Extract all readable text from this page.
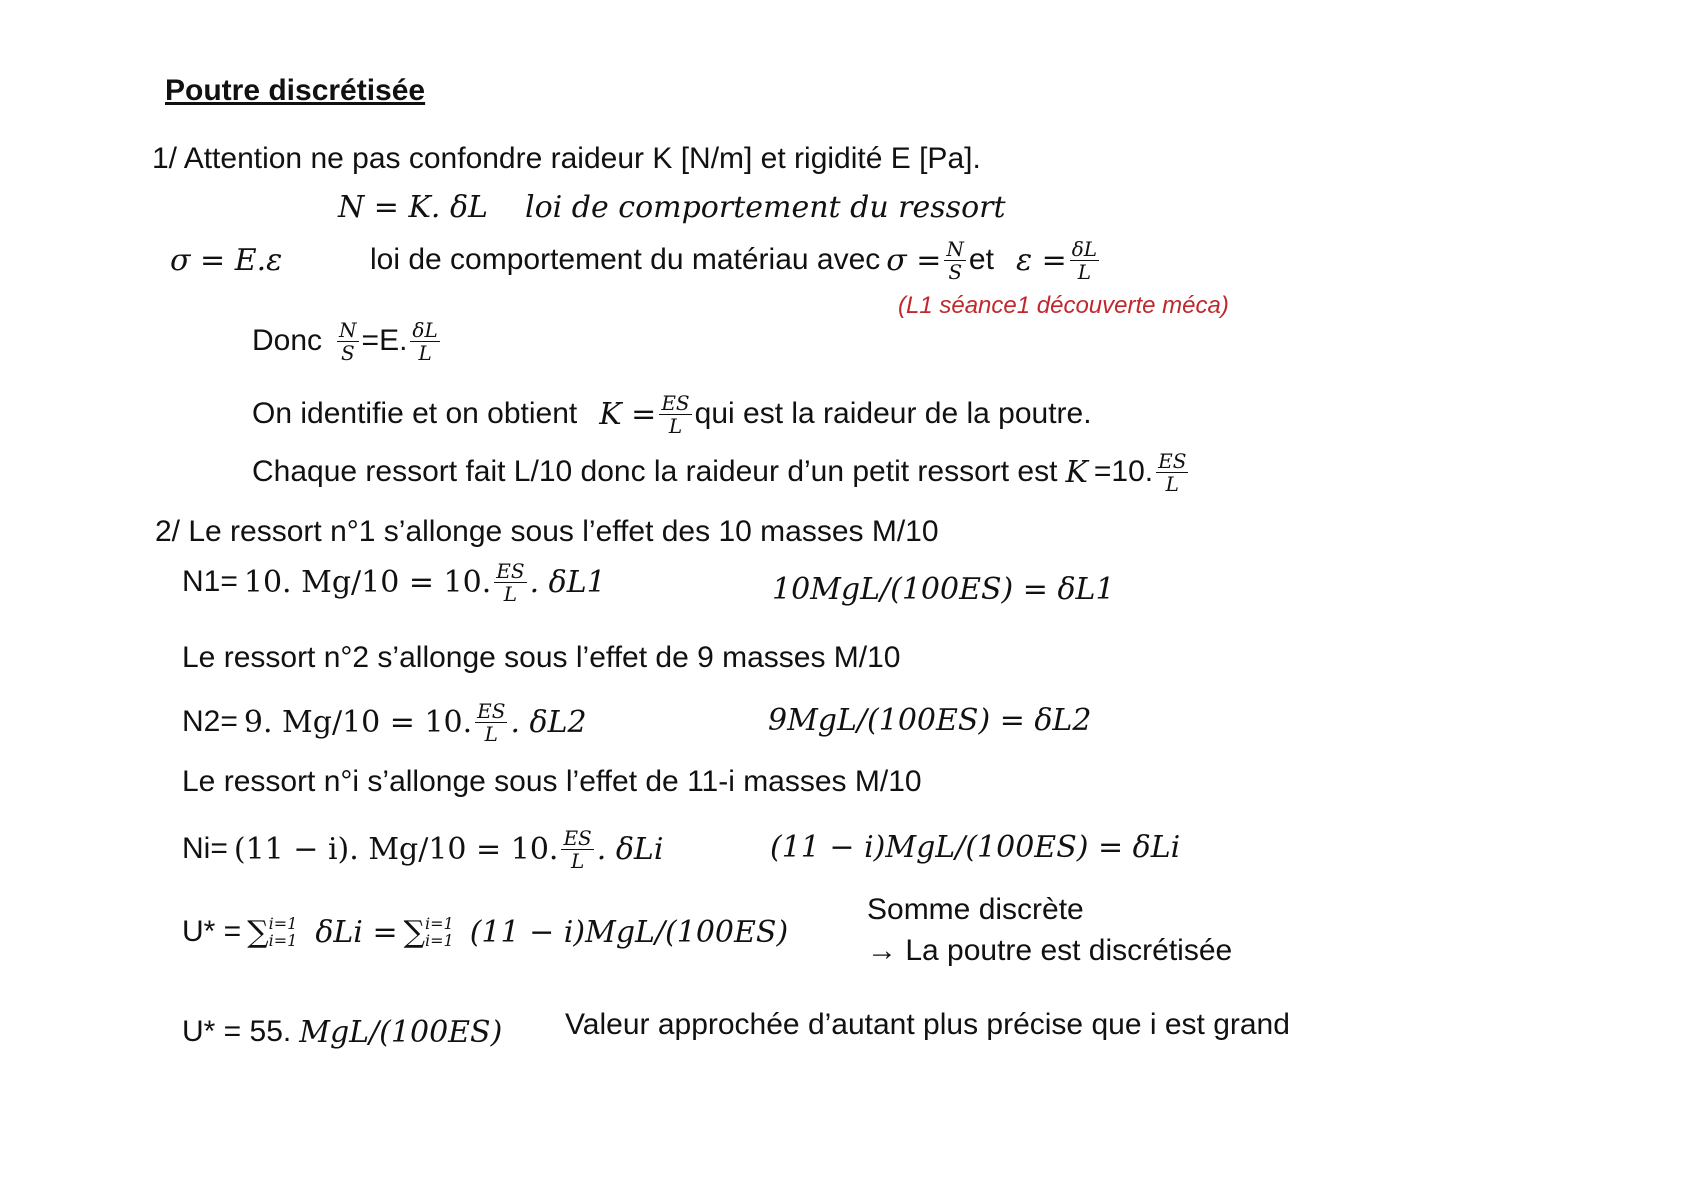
Poutre discrétisée
1/ Attention ne pas confondre raideur K [N/m] et rigidité E [Pa].
N = K. δL loi de comportement du ressort
σ = E.ε	loi de comportement du matériau avec $\sigma = \frac{N}{S}$ et $\varepsilon = \frac{\delta L}{L}$
(L1 séance1 découverte méca)
Donc $\frac{N}{S} =E$. $\frac{\delta L}{L}$
On identifie et on obtient $K = \frac{ES}{L}$ qui est la raideur de la poutre.
Chaque ressort fait L/10 donc la raideur d’un petit ressort est K =10. $\frac{ES}{L}$
2/ Le ressort n°1 s’allonge sous l’effet des 10 masses M/10
N1= 10. Mg/10 = 10. $\frac{ES}{L}$ . δL1	10MgL/(100ES) = δL1
Le ressort n°2 s’allonge sous l’effet de 9 masses M/10
N2= 9. Mg/10 = 10. $\frac{ES}{L}$ . δL2	9MgL/(100ES) = δL2
Le ressort n°i s’allonge sous l’effet de 11-i masses M/10
Ni= (11 − i). Mg/10 = 10. $\frac{ES}{L}$ . δLi	(11 − i)MgL/(100ES) = δLi
U* = ∑ i=1
i=1 δLi = ∑ i=1
i=1 (11 − i)MgL/(100ES)
Somme discrète
→ La poutre est discrétisée
U* = 55. MgL/(100ES) Valeur approchée d’autant plus précise que i est grand
